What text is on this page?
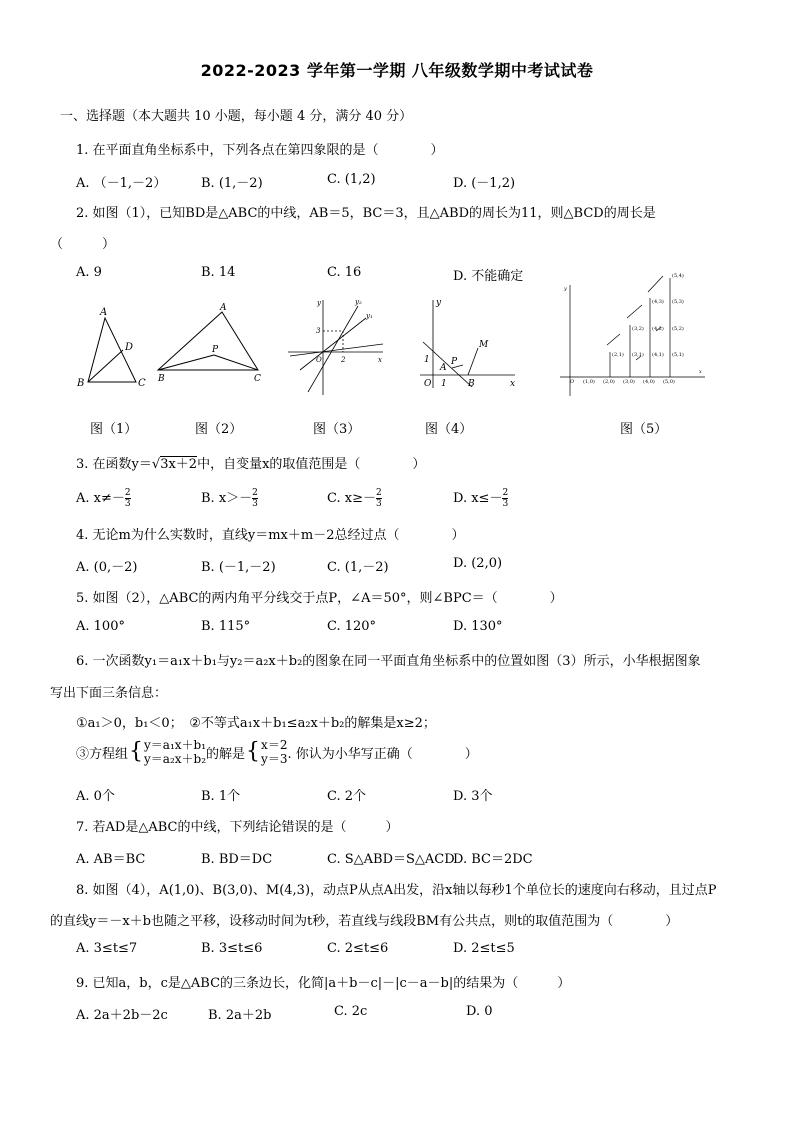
2022-2023 学年第一学期 八年级数学期中考试试卷
一、选择题（本大题共 10 小题，每小题 4 分，满分 40 分）
1. 在平面直角坐标系中，下列各点在第四象限的是（　　　　）
A. （－1,－2）	B. (1,－2)	C. (1,2)	D. (－1,2)
2. 如图（1），已知BD是△ABC的中线，AB＝5，BC＝3，且△ABD的周长为11，则△BCD的周长是
（　　　）
A. 9	B. 14	C. 16	D. 不能确定
A
D
B	C
A
P
B	C
y	y₂
y₁
3
O	2	x
y
M
1
A
P
O 1 B	x
y
O (1,0) (2,0) (3,0) (4,0) (5,0)
(2,1) (3,1) (4,1) (5,1)
(3,2) (4,2) (5,2)
(4,3) (5,3)
(5,4)
x
图（1）	图（2）	图（3）	图（4）	图（5）
3. 在函数y＝√3x＋2中，自变量x的取值范围是（　　　　）
A. $x\ne- \frac{2}{3}$	B. $x>- \frac{2}{3}$	C. $x\ge- \frac{2}{3}$	D. $x\le- \frac{2}{3}$
4. 无论m为什么实数时，直线y＝mx＋m－2总经过点（　　　　）
A. (0,－2)	B. (－1,－2)	C. (1,－2)	D. (2,0)
5. 如图（2），△ABC的两内角平分线交于点P，∠A＝50°，则∠BPC＝（　　　　）
A. 100°	B. 115°	C. 120°	D. 130°
6. 一次函数y₁＝a₁x＋b₁与y₂＝a₂x＋b₂的图象在同一平面直角坐标系中的位置如图（3）所示，小华根据图象
写出下面三条信息：
①a₁＞0，b₁＜0；　②不等式a₁x＋b₁≤a₂x＋b₂的解集是x≥2；
③方程组 { y＝a₁x＋b₁
y＝a₂x＋b₂ 的解是 { x＝2
y＝3 . 你认为小华写正确（　　　　）
A. 0个	B. 1个	C. 2个	D. 3个
7. 若AD是△ABC的中线，下列结论错误的是（　　　）
A. AB＝BC	B. BD＝DC	C. S△ABD＝S△ACD
D. BC＝2DC
8. 如图（4），A(1,0)、B(3,0)、M(4,3)，动点P从点A出发，沿x轴以每秒1个单位长的速度向右移动，且过点P
的直线y＝－x＋b也随之平移，设移动时间为t秒，若直线与线段BM有公共点，则t的取值范围为（　　　　）
A. 3≤t≤7	B. 3≤t≤6	C. 2≤t≤6	D. 2≤t≤5
9. 已知a，b，c是△ABC的三条边长，化简|a＋b－c|－|c－a－b|的结果为（　　　）
A. 2a＋2b－2c	B. 2a＋2b	C. 2c	D. 0
